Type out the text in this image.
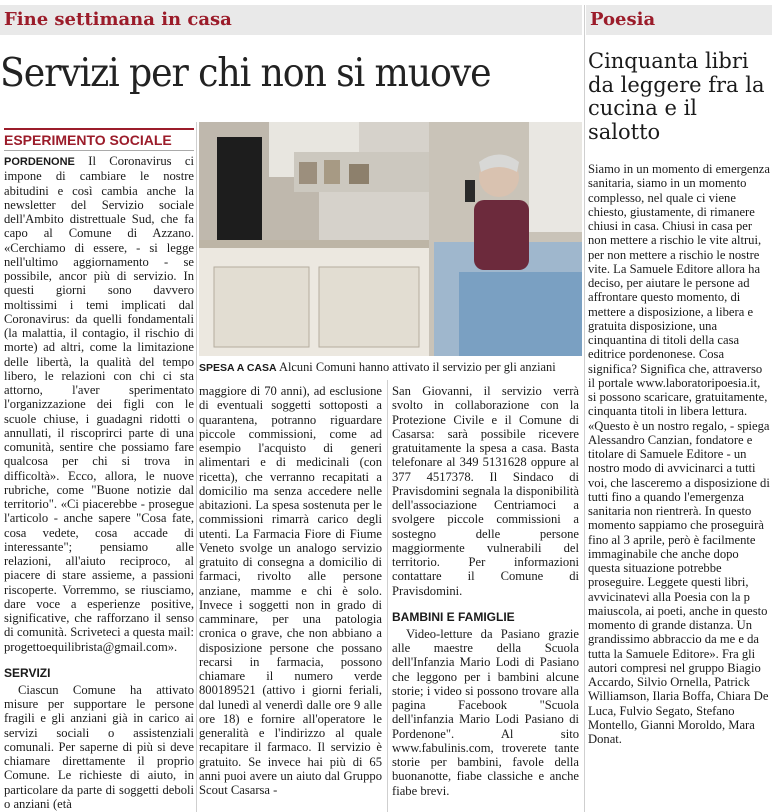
Fine settimana in casa	Poesia
Servizi per chi non si muove
ESPERIMENTO SOCIALE

PORDENONE Il Coronavirus ci impone di cambiare le nostre abitudini e così cambia anche la newsletter del Servizio sociale dell'Ambito distrettuale Sud, che fa capo al Comune di Azzano. «Cerchiamo di essere, - si legge nell'ultimo aggiornamento - se possibile, ancor più di servizio. In questi giorni sono davvero moltissimi i temi implicati dal Coronavirus: da quelli fondamentali (la malattia, il contagio, il rischio di morte) ad altri, come la limitazione delle libertà, la qualità del tempo libero, le relazioni con chi ci sta attorno, l'aver sperimentato l'organizzazione dei figli con le scuole chiuse, i guadagni ridotti o annullati, il riscoprirci parte di una comunità, sentire che possiamo fare qualcosa per chi si trova in difficoltà». Ecco, allora, le nuove rubriche, come "Buone notizie dal territorio". «Ci piacerebbe - prosegue l'articolo - anche sapere "Cosa fate, cosa vedete, cosa accade di interessante"; pensiamo alle relazioni, all'aiuto reciproco, al piacere di stare assieme, a passioni riscoperte. Vorremmo, se riusciamo, dare voce a esperienze positive, significative, che rafforzano il senso di comunità. Scriveteci a questa mail: progettoequilibrista@gmail.com».

SERVIZI

Ciascun Comune ha attivato misure per supportare le persone fragili e gli anziani già in carico ai servizi sociali o assistenziali comunali. Per saperne di più si deve chiamare direttamente il proprio Comune. Le richieste di aiuto, in particolare da parte di soggetti deboli o anziani (età

SPESA A CASA Alcuni Comuni hanno attivato il servizio per gli anziani

maggiore di 70 anni), ad esclusione di eventuali soggetti sottoposti a quarantena, potranno riguardare piccole commissioni, come ad esempio l'acquisto di generi alimentari e di medicinali (con ricetta), che verranno recapitati a domicilio ma senza accedere nelle abitazioni. La spesa sostenuta per le commissioni rimarrà carico degli utenti. La Farmacia Fiore di Fiume Veneto svolge un analogo servizio gratuito di consegna a domicilio di farmaci, rivolto alle persone anziane, mamme e chi è solo. Invece i soggetti non in grado di camminare, per una patologia cronica o grave, che non abbiano a disposizione persone che possano recarsi in farmacia, possono chiamare il numero verde 800189521 (attivo i giorni feriali, dal lunedì al venerdì dalle ore 9 alle ore 18) e fornire all'operatore le generalità e l'indirizzo al quale recapitare il farmaco. Il servizio è gratuito. Se invece hai più di 65 anni puoi avere un aiuto dal Gruppo Scout Casarsa -

San Giovanni, il servizio verrà svolto in collaborazione con la Protezione Civile e il Comune di Casarsa: sarà possibile ricevere gratuitamente la spesa a casa. Basta telefonare al 349 5131628 oppure al 377 4517378. Il Sindaco di Pravisdomini segnala la disponibilità dell'associazione Centriamoci a svolgere piccole commissioni a sostegno delle persone maggiormente vulnerabili del territorio. Per informazioni contattare il Comune di Pravisdomini.

BAMBINI E FAMIGLIE

Video-letture da Pasiano grazie alle maestre della Scuola dell'Infanzia Mario Lodi di Pasiano che leggono per i bambini alcune storie; i video si possono trovare alla pagina Facebook "Scuola dell'infanzia Mario Lodi Pasiano di Pordenone". Al sito www.fabulinis.com, troverete tante storie per bambini, favole della buonanotte, fiabe classiche e anche fiabe brevi.

Cinquanta libri da leggere fra la cucina e il salotto

Siamo in un momento di emergenza sanitaria, siamo in un momento complesso, nel quale ci viene chiesto, giustamente, di rimanere chiusi in casa. Chiusi in casa per non mettere a rischio le vite altrui, per non mettere a rischio le nostre vite. La Samuele Editore allora ha deciso, per aiutare le persone ad affrontare questo momento, di mettere a disposizione, a libera e gratuita disposizione, una cinquantina di titoli della casa editrice pordenonese. Cosa significa? Signifìca che, attraverso il portale www.laboratoripoesia.it, si possono scaricare, gratuitamente, cinquanta titoli in libera lettura. «Questo è un nostro regalo, - spiega Alessandro Canzian, fondatore e titolare di Samuele Editore - un nostro modo di avvicinarci a tutti voi, che lasceremo a disposizione di tutti fino a quando l'emergenza sanitaria non rientrerà. In questo momento sappiamo che proseguirà fino al 3 aprile, però è facilmente immaginabile che anche dopo questa situazione potrebbe proseguire. Leggete questi libri, avvicinatevi alla Poesia con la p maiuscola, ai poeti, anche in questo momento di grande distanza. Un grandissimo abbraccio da me e da tutta la Samuele Editore». Fra gli autori compresi nel gruppo Biagio Accardo, Silvio Ornella, Patrick Williamson, Ilaria Boffa, Chiara De Luca, Fulvio Segato, Stefano Montello, Gianni Moroldo, Mara Donat.
